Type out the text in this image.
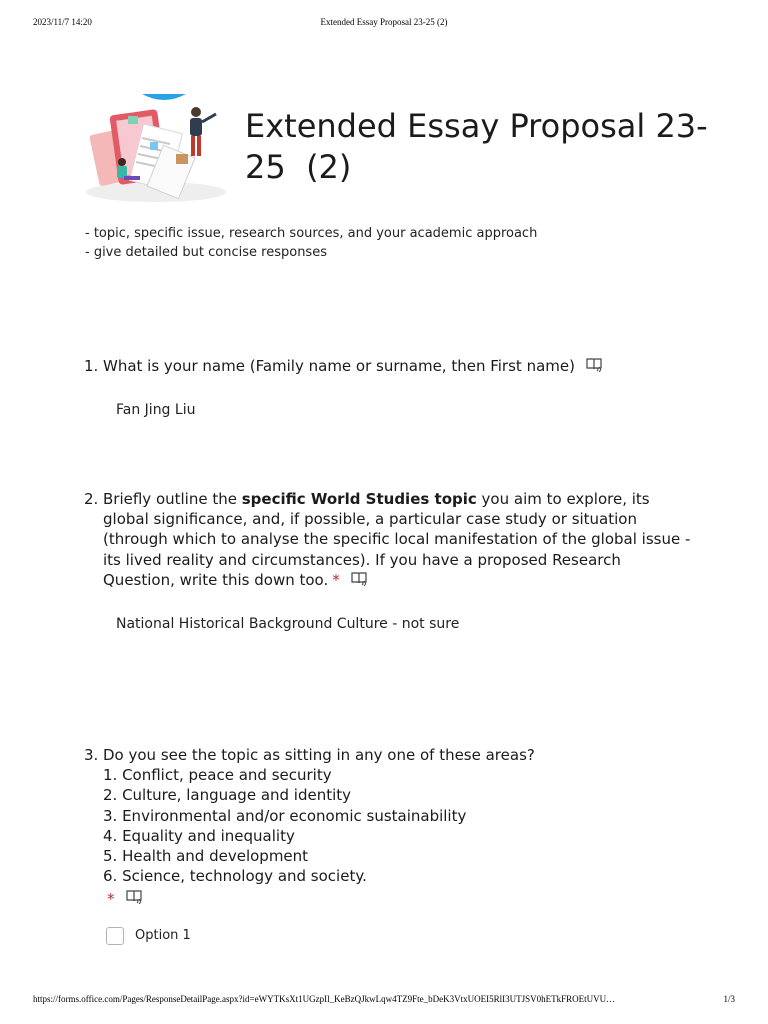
2023/11/7 14:20	Extended Essay Proposal 23-25 (2)
Extended Essay Proposal 23-25  (2)
- topic, specific issue, research sources, and your academic approach
- give detailed but concise responses
1. What is your name (Family name or surname, then First name)
Fan Jing Liu
2. Briefly outline the specific World Studies topic you aim to explore, its global significance, and, if possible, a particular case study or situation (through which to analyse the specific local manifestation of the global issue - its lived reality and circumstances). If you have a proposed Research Question, write this down too. *
National Historical Background Culture - not sure
3. Do you see the topic as sitting in any one of these areas?
1. Conflict, peace and security
2. Culture, language and identity
3. Environmental and/or economic sustainability
4. Equality and inequality
5. Health and development
6. Science, technology and society.
*
Option 1
https://forms.office.com/Pages/ResponseDetailPage.aspx?id=eWYTKsXt1UGzpIl_KeBzQJkwLqw4TZ9Fte_bDeK3VtxUOEI5RlI3UTJSV0hETkFROEtUVU…	1/3
